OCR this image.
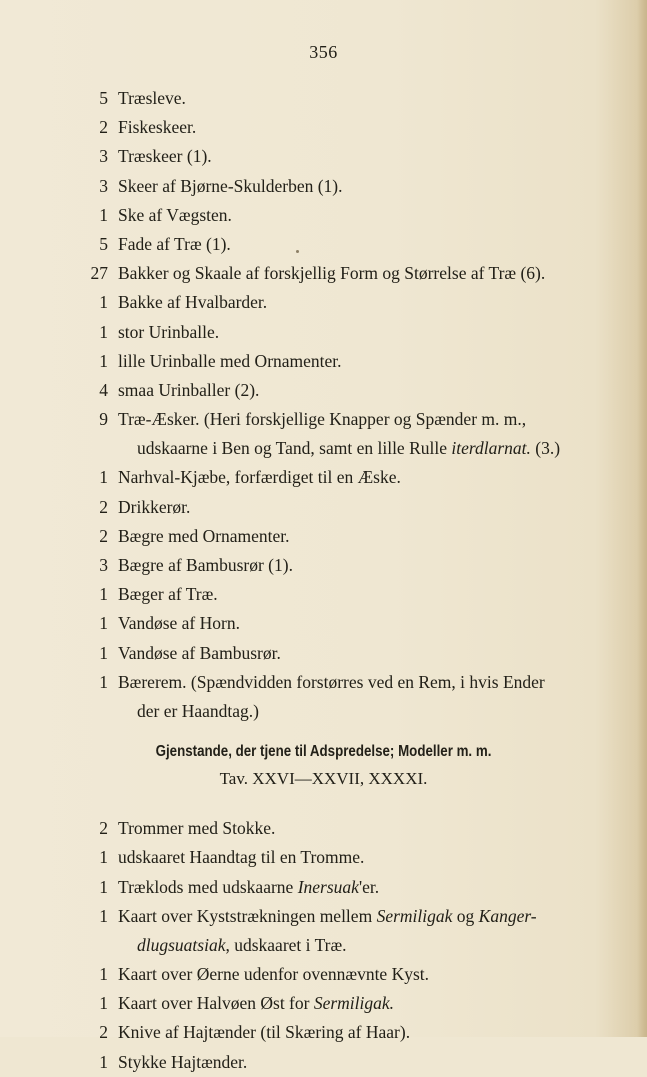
356
5 Træsleve.
2 Fiskeskeer.
3 Træskeer (1).
3 Skeer af Bjørne-Skulderben (1).
1 Ske af Vægsten.
5 Fade af Træ (1).
27 Bakker og Skaale af forskjellig Form og Størrelse af Træ (6).
1 Bakke af Hvalbarder.
1 stor Urinballe.
1 lille Urinballe med Ornamenter.
4 smaa Urinballer (2).
9 Træ-Æsker. (Heri forskjellige Knapper og Spænder m. m.,
udskaarne i Ben og Tand, samt en lille Rulle iterdlarnat. (3.)
1 Narhval-Kjæbe, forfærdiget til en Æske.
2 Drikkerør.
2 Bægre med Ornamenter.
3 Bægre af Bambusrør (1).
1 Bæger af Træ.
1 Vandøse af Horn.
1 Vandøse af Bambusrør.
1 Bærerem. (Spændvidden forstørres ved en Rem, i hvis Ender
der er Haandtag.)
Gjenstande, der tjene til Adspredelse; Modeller m. m.
Tav. XXVI—XXVII, XXXXI.
2 Trommer med Stokke.
1 udskaaret Haandtag til en Tromme.
1 Træklods med udskaarne Inersuak'er.
1 Kaart over Kyststrækningen mellem Sermiligak og Kanger-
dlugsuatsiak, udskaaret i Træ.
1 Kaart over Øerne udenfor ovennævnte Kyst.
1 Kaart over Halvøen Øst for Sermiligak.
2 Knive af Hajtænder (til Skæring af Haar).
1 Stykke Hajtænder.
